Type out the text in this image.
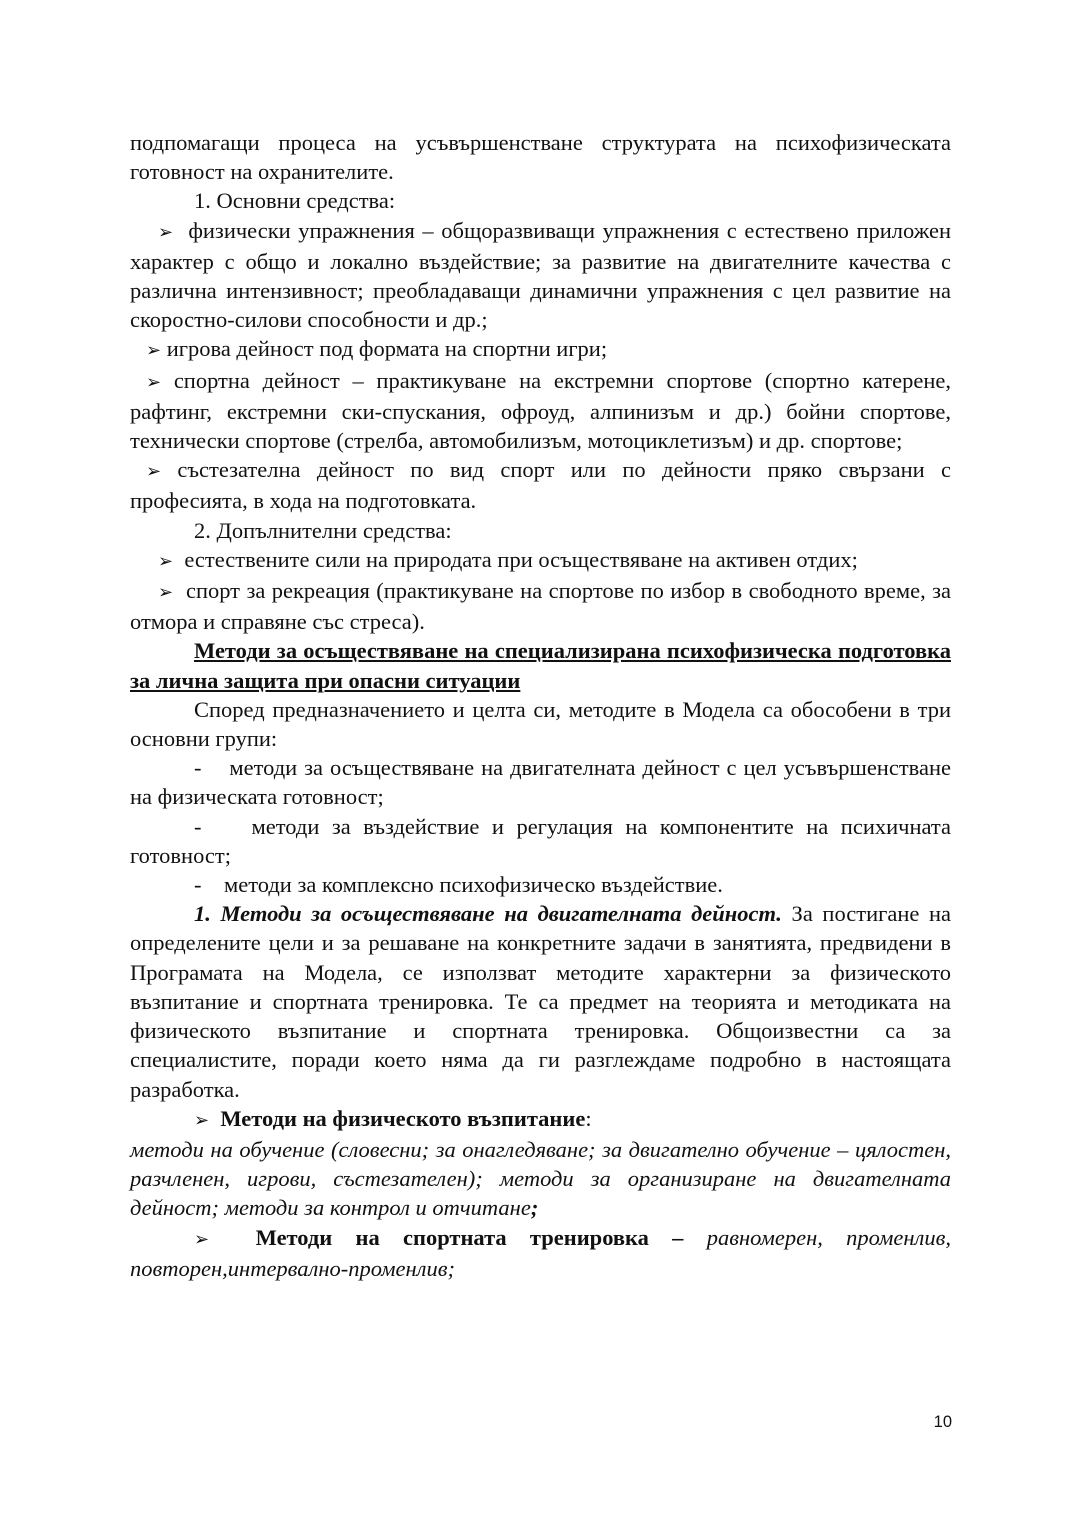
подпомагащи процеса на усъвършенстване структурата на психофизическата готовност на охранителите.

1. Основни средства:

➢ физически упражнения – общоразвиващи упражнения с естествено приложен характер с общо и локално въздействие; за развитие на двигателните качества с различна интензивност; преобладаващи динамични упражнения с цел развитие на скоростно-силови способности и др.;

➢ игрова дейност под формата на спортни игри;

➢ спортна дейност – практикуване на екстремни спортове (спортно катерене, рафтинг, екстремни ски-спускания, офроуд, алпинизъм и др.) бойни спортове, технически спортове (стрелба, автомобилизъм, мотоциклетизъм) и др. спортове;

➢ състезателна дейност по вид спорт или по дейности пряко свързани с професията, в хода на подготовката.

2. Допълнителни средства:

➢ естествените сили на природата при осъществяване на активен отдих;

➢ спорт за рекреация (практикуване на спортове по избор в свободното време, за отмора и справяне със стреса).

Методи за осъществяване на специализирана психофизическа подготовка за лична защита при опасни ситуации

Според предназначението и целта си, методите в Модела са обособени в три основни групи:

- методи за осъществяване на двигателната дейност с цел усъвършенстване на физическата готовност;

- методи за въздействие и регулация на компонентите на психичната готовност;

- методи за комплексно психофизическо въздействие.

1. Методи за осъществяване на двигателната дейност. За постигане на определените цели и за решаване на конкретните задачи в занятията, предвидени в Програмата на Модела, се използват методите характерни за физическото възпитание и спортната тренировка. Те са предмет на теорията и методиката на физическото възпитание и спортната тренировка. Общоизвестни са за специалистите, поради което няма да ги разглеждаме подробно в настоящата разработка.

➢ Методи на физическото възпитание:

методи на обучение (словесни; за онагледяване; за двигателно обучение – цялостен, разчленен, игрови, състезателен); методи за организиране на двигателната дейност; методи за контрол и отчитане;

➢ Методи на спортната тренировка – равномерен, променлив, повторен,интервално-променлив;

10
